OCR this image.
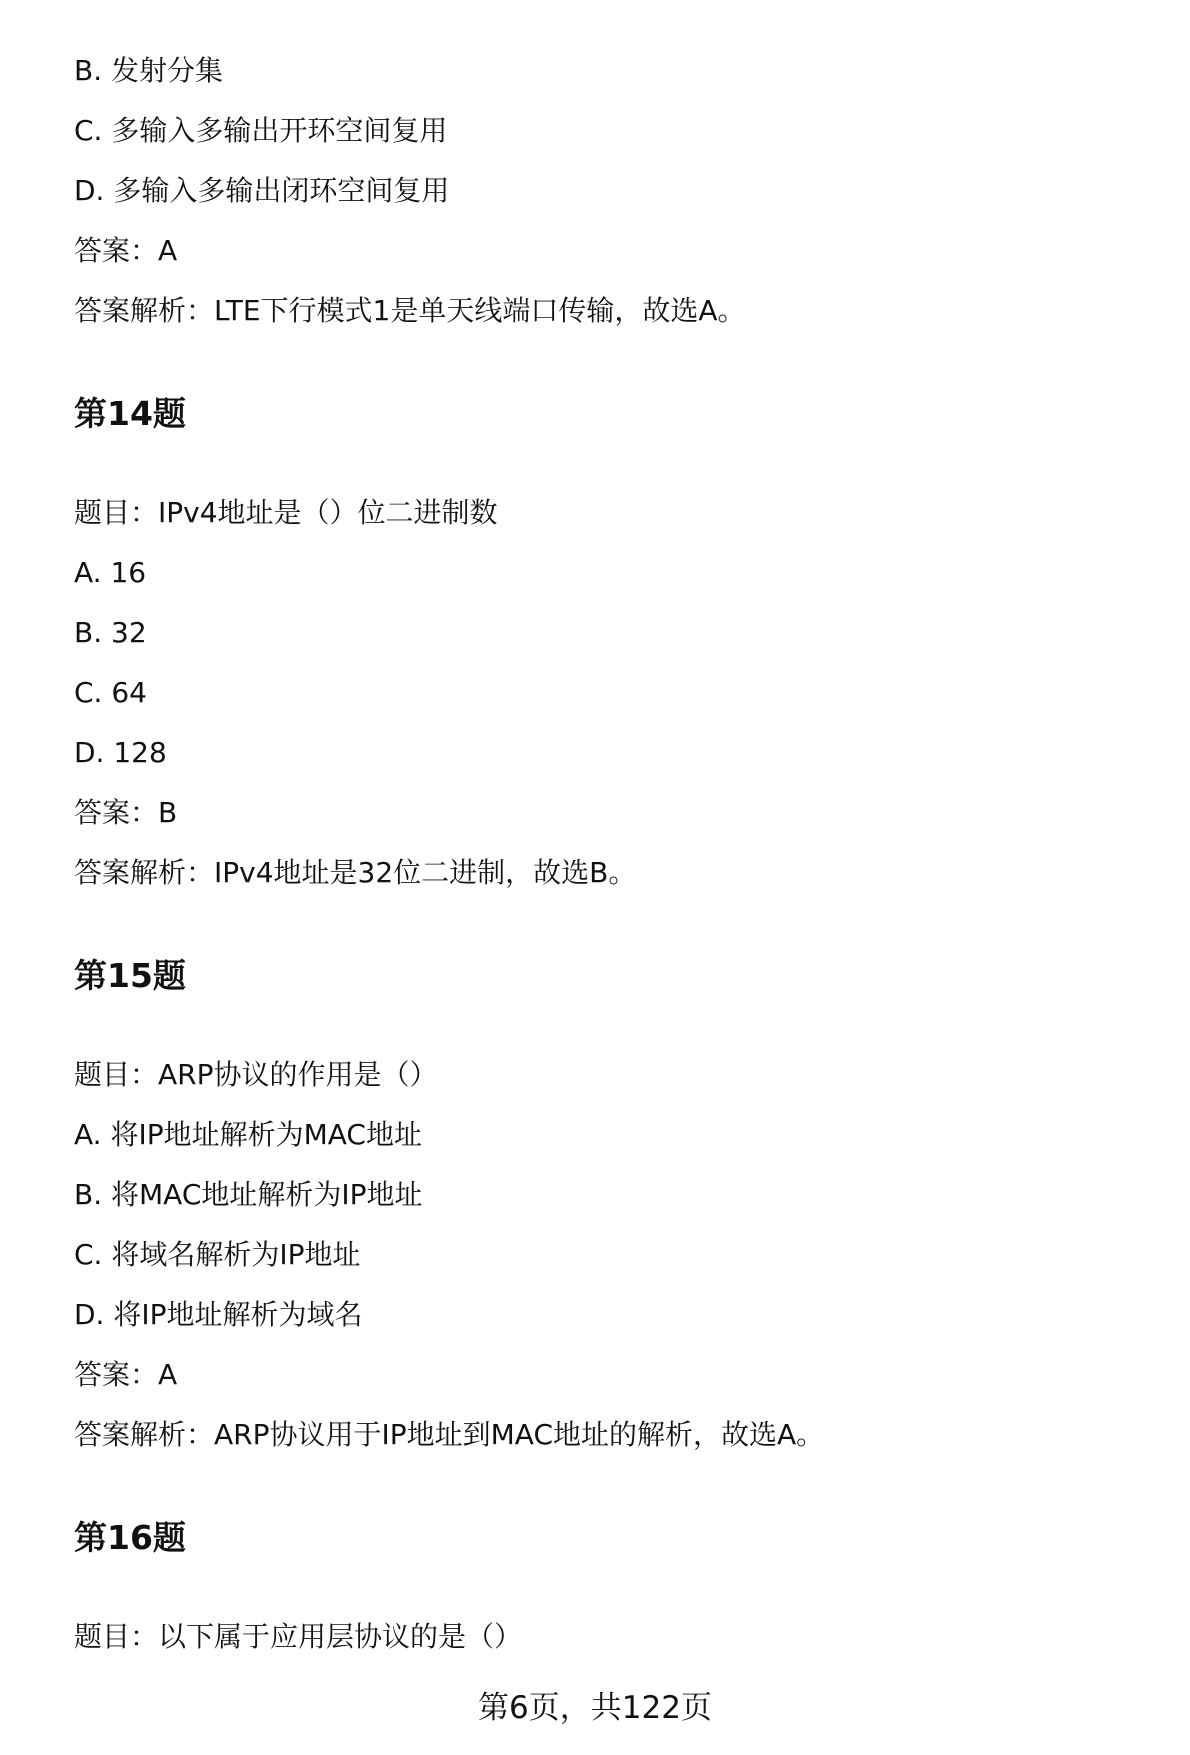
B. 发射分集
C. 多输入多输出开环空间复用
D. 多输入多输出闭环空间复用
答案：A
答案解析：LTE下行模式1是单天线端口传输，故选A。
第14题
题目：IPv4地址是（）位二进制数
A. 16
B. 32
C. 64
D. 128
答案：B
答案解析：IPv4地址是32位二进制，故选B。
第15题
题目：ARP协议的作用是（）
A. 将IP地址解析为MAC地址
B. 将MAC地址解析为IP地址
C. 将域名解析为IP地址
D. 将IP地址解析为域名
答案：A
答案解析：ARP协议用于IP地址到MAC地址的解析，故选A。
第16题
题目：以下属于应用层协议的是（）
第6页，共122页
